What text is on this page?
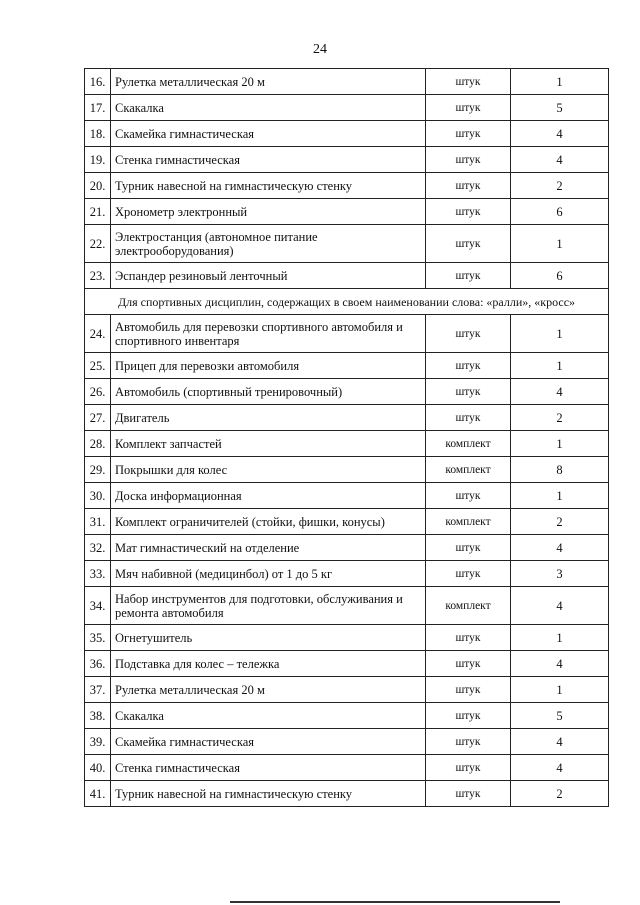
24
16.	Рулетка металлическая 20 м	штук	1
17.	Скакалка	штук	5
18.	Скамейка гимнастическая	штук	4
19.	Стенка гимнастическая	штук	4
20.	Турник навесной на гимнастическую стенку	штук	2
21.	Хронометр электронный	штук	6
22.	Электростанция (автономное питание электрооборудования)	штук	1
23.	Эспандер резиновый ленточный	штук	6
Для спортивных дисциплин, содержащих в своем наименовании слова: «ралли», «кросс»			
24.	Автомобиль для перевозки спортивного автомобиля и спортивного инвентаря	штук	1
25.	Прицеп для перевозки автомобиля	штук	1
26.	Автомобиль (спортивный тренировочный)	штук	4
27.	Двигатель	штук	2
28.	Комплект запчастей	комплект	1
29.	Покрышки для колес	комплект	8
30.	Доска информационная	штук	1
31.	Комплект ограничителей (стойки, фишки, конусы)	комплект	2
32.	Мат гимнастический на отделение	штук	4
33.	Мяч набивной (медицинбол) от 1 до 5 кг	штук	3
34.	Набор инструментов для подготовки, обслуживания и ремонта автомобиля	комплект	4
35.	Огнетушитель	штук	1
36.	Подставка для колес – тележка	штук	4
37.	Рулетка металлическая 20 м	штук	1
38.	Скакалка	штук	5
39.	Скамейка гимнастическая	штук	4
40.	Стенка гимнастическая	штук	4
41.	Турник навесной на гимнастическую стенку	штук	2
